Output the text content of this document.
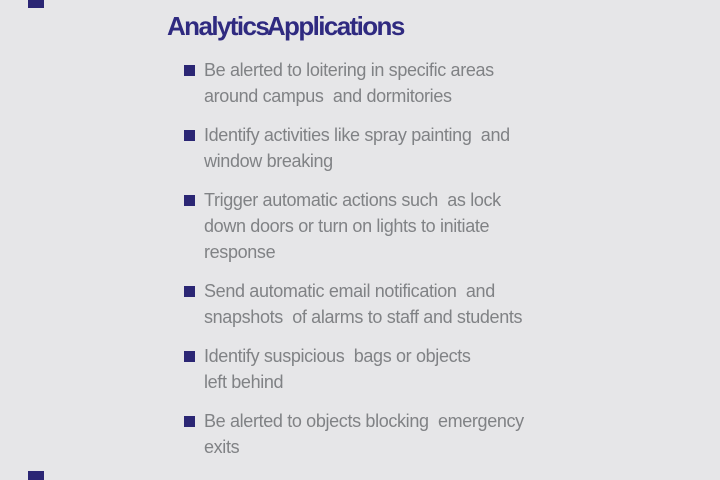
Analytics Applications
Be alerted to loitering in specific areas
around campus  and dormitories
Identify activities like spray painting  and
window breaking
Trigger automatic actions such  as lock
down doors or turn on lights to initiate
response
Send automatic email notification  and
snapshots  of alarms to staff and students
Identify suspicious  bags or objects
left behind
Be alerted to objects blocking  emergency
exits
